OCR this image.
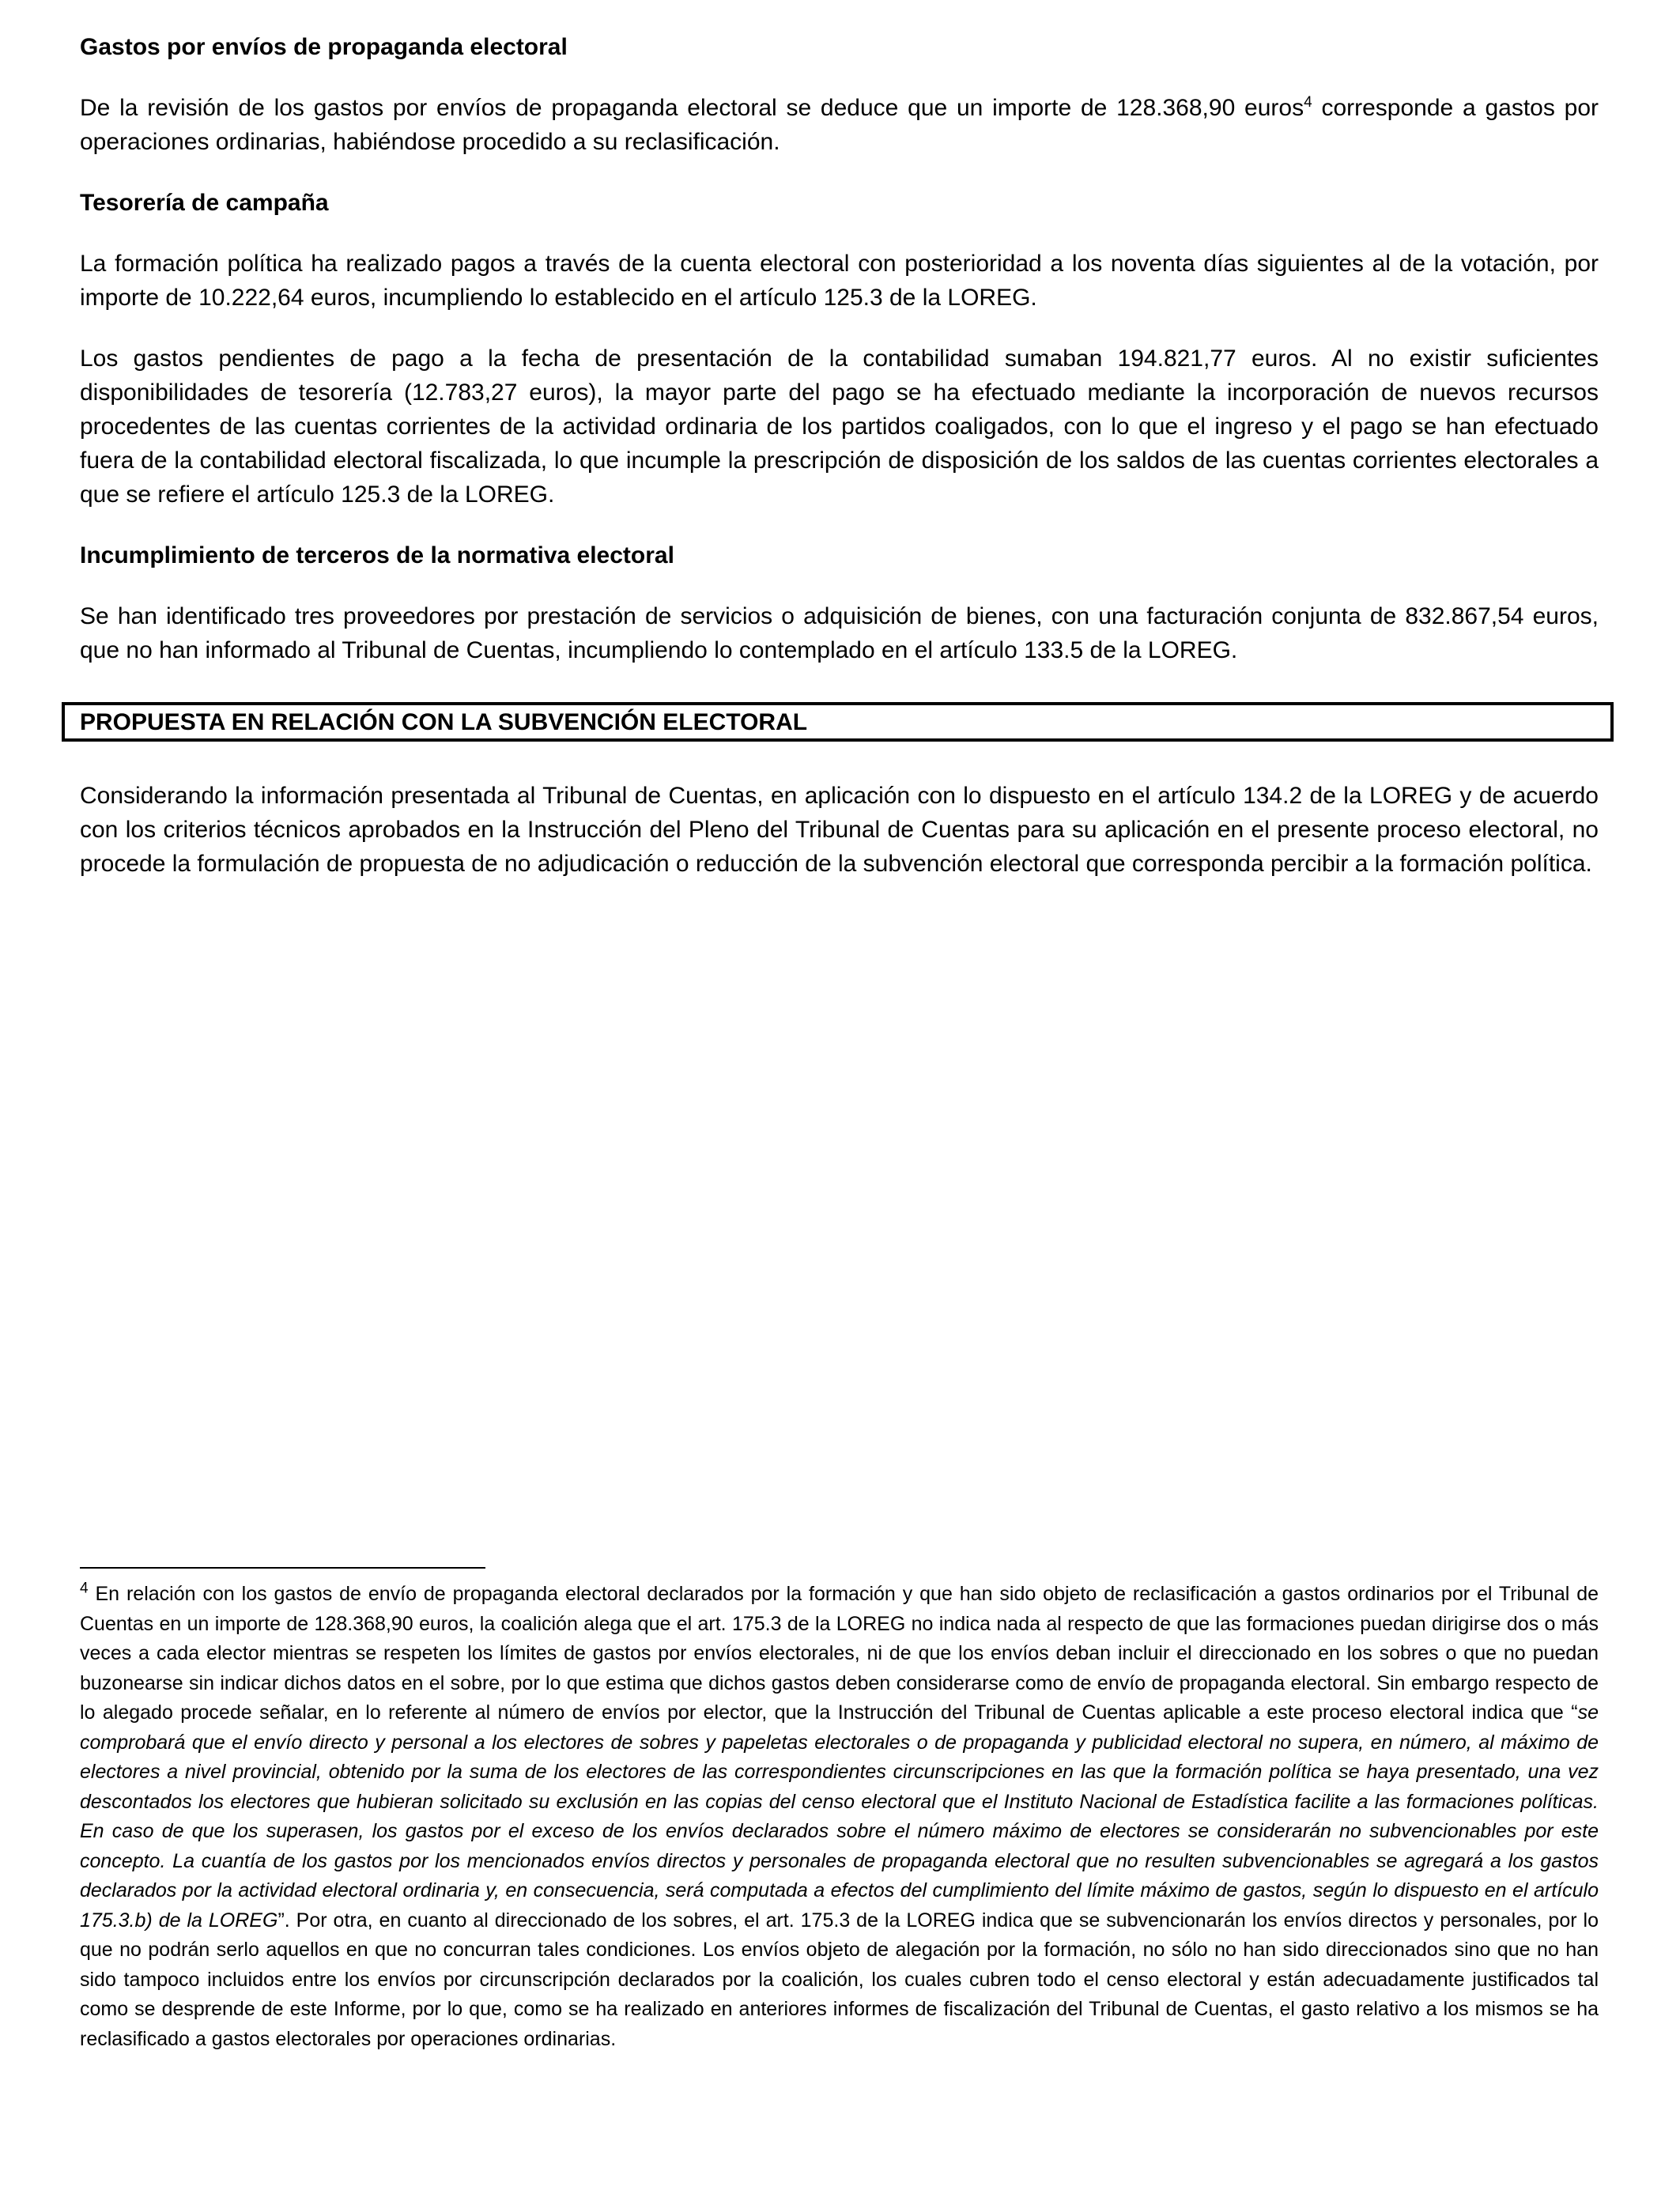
Gastos por envíos de propaganda electoral

De la revisión de los gastos por envíos de propaganda electoral se deduce que un importe de 128.368,90 euros$^4$ corresponde a gastos por operaciones ordinarias, habiéndose procedido a su reclasificación.

Tesorería de campaña

La formación política ha realizado pagos a través de la cuenta electoral con posterioridad a los noventa días siguientes al de la votación, por importe de 10.222,64 euros, incumpliendo lo establecido en el artículo 125.3 de la LOREG.

Los gastos pendientes de pago a la fecha de presentación de la contabilidad sumaban 194.821,77 euros. Al no existir suficientes disponibilidades de tesorería (12.783,27 euros), la mayor parte del pago se ha efectuado mediante la incorporación de nuevos recursos procedentes de las cuentas corrientes de la actividad ordinaria de los partidos coaligados, con lo que el ingreso y el pago se han efectuado fuera de la contabilidad electoral fiscalizada, lo que incumple la prescripción de disposición de los saldos de las cuentas corrientes electorales a que se refiere el artículo 125.3 de la LOREG.

Incumplimiento de terceros de la normativa electoral

Se han identificado tres proveedores por prestación de servicios o adquisición de bienes, con una facturación conjunta de 832.867,54 euros, que no han informado al Tribunal de Cuentas, incumpliendo lo contemplado en el artículo 133.5 de la LOREG.

PROPUESTA EN RELACIÓN CON LA SUBVENCIÓN ELECTORAL

Considerando la información presentada al Tribunal de Cuentas, en aplicación con lo dispuesto en el artículo 134.2 de la LOREG y de acuerdo con los criterios técnicos aprobados en la Instrucción del Pleno del Tribunal de Cuentas para su aplicación en el presente proceso electoral, no procede la formulación de propuesta de no adjudicación o reducción de la subvención electoral que corresponda percibir a la formación política.

$^4$ En relación con los gastos de envío de propaganda electoral declarados por la formación y que han sido objeto de reclasificación a gastos ordinarios por el Tribunal de Cuentas en un importe de 128.368,90 euros, la coalición alega que el art. 175.3 de la LOREG no indica nada al respecto de que las formaciones puedan dirigirse dos o más veces a cada elector mientras se respeten los límites de gastos por envíos electorales, ni de que los envíos deban incluir el direccionado en los sobres o que no puedan buzonearse sin indicar dichos datos en el sobre, por lo que estima que dichos gastos deben considerarse como de envío de propaganda electoral. Sin embargo respecto de lo alegado procede señalar, en lo referente al número de envíos por elector, que la Instrucción del Tribunal de Cuentas aplicable a este proceso electoral indica que “se comprobará que el envío directo y personal a los electores de sobres y papeletas electorales o de propaganda y publicidad electoral no supera, en número, al máximo de electores a nivel provincial, obtenido por la suma de los electores de las correspondientes circunscripciones en las que la formación política se haya presentado, una vez descontados los electores que hubieran solicitado su exclusión en las copias del censo electoral que el Instituto Nacional de Estadística facilite a las formaciones políticas. En caso de que los superasen, los gastos por el exceso de los envíos declarados sobre el número máximo de electores se considerarán no subvencionables por este concepto. La cuantía de los gastos por los mencionados envíos directos y personales de propaganda electoral que no resulten subvencionables se agregará a los gastos declarados por la actividad electoral ordinaria y, en consecuencia, será computada a efectos del cumplimiento del límite máximo de gastos, según lo dispuesto en el artículo 175.3.b) de la LOREG”. Por otra, en cuanto al direccionado de los sobres, el art. 175.3 de la LOREG indica que se subvencionarán los envíos directos y personales, por lo que no podrán serlo aquellos en que no concurran tales condiciones. Los envíos objeto de alegación por la formación, no sólo no han sido direccionados sino que no han sido tampoco incluidos entre los envíos por circunscripción declarados por la coalición, los cuales cubren todo el censo electoral y están adecuadamente justificados tal como se desprende de este Informe, por lo que, como se ha realizado en anteriores informes de fiscalización del Tribunal de Cuentas, el gasto relativo a los mismos se ha reclasificado a gastos electorales por operaciones ordinarias.
